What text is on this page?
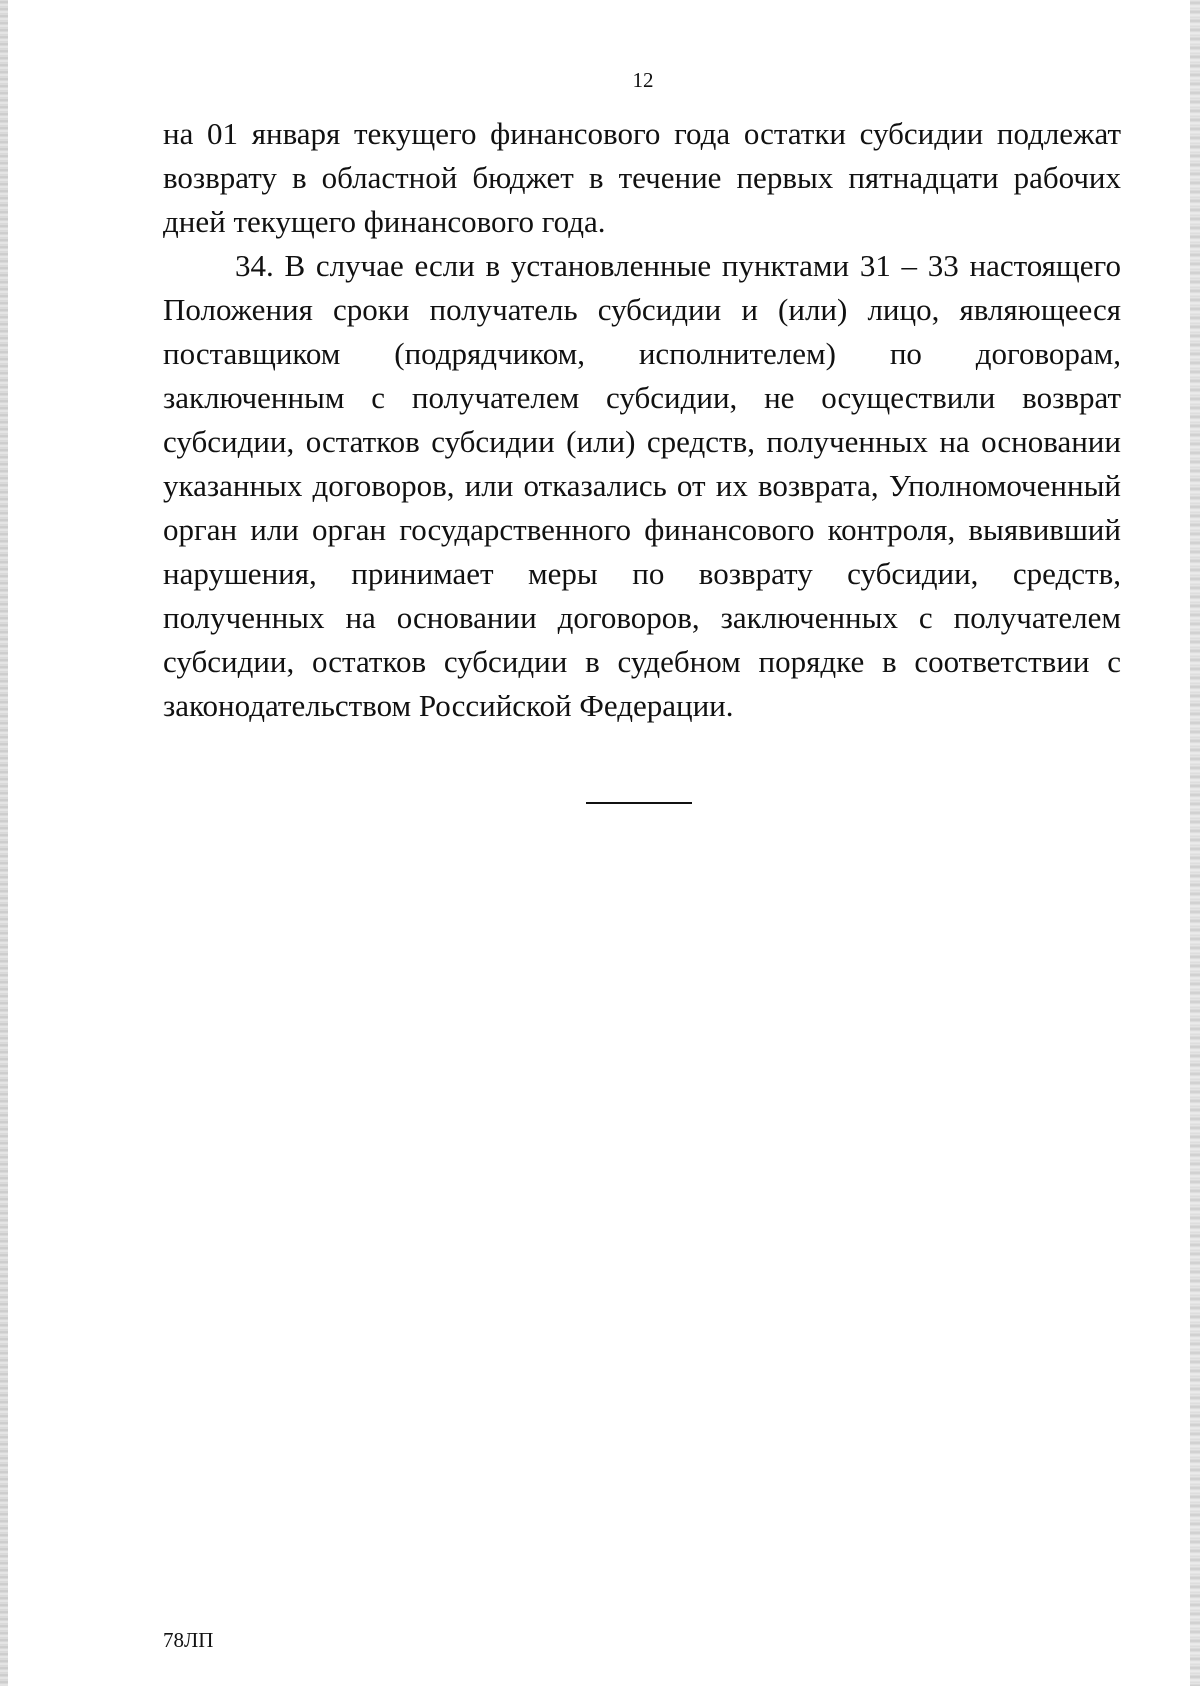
12

на 01 января текущего финансового года остатки субсидии подлежат возврату в областной бюджет в течение первых пятнадцати рабочих дней текущего финансового года.

34. В случае если в установленные пунктами 31 – 33 настоящего Положения сроки получатель субсидии и (или) лицо, являющееся поставщиком (подрядчиком, исполнителем) по договорам, заключенным с получателем субсидии, не осуществили возврат субсидии, остатков субсидии (или) средств, полученных на основании указанных договоров, или отказались от их возврата, Уполномоченный орган или орган государственного финансового контроля, выявивший нарушения, принимает меры по возврату субсидии, средств, полученных на основании договоров, заключенных с получателем субсидии, остатков субсидии в судебном порядке в соответствии с законодательством Российской Федерации.

78ЛП
